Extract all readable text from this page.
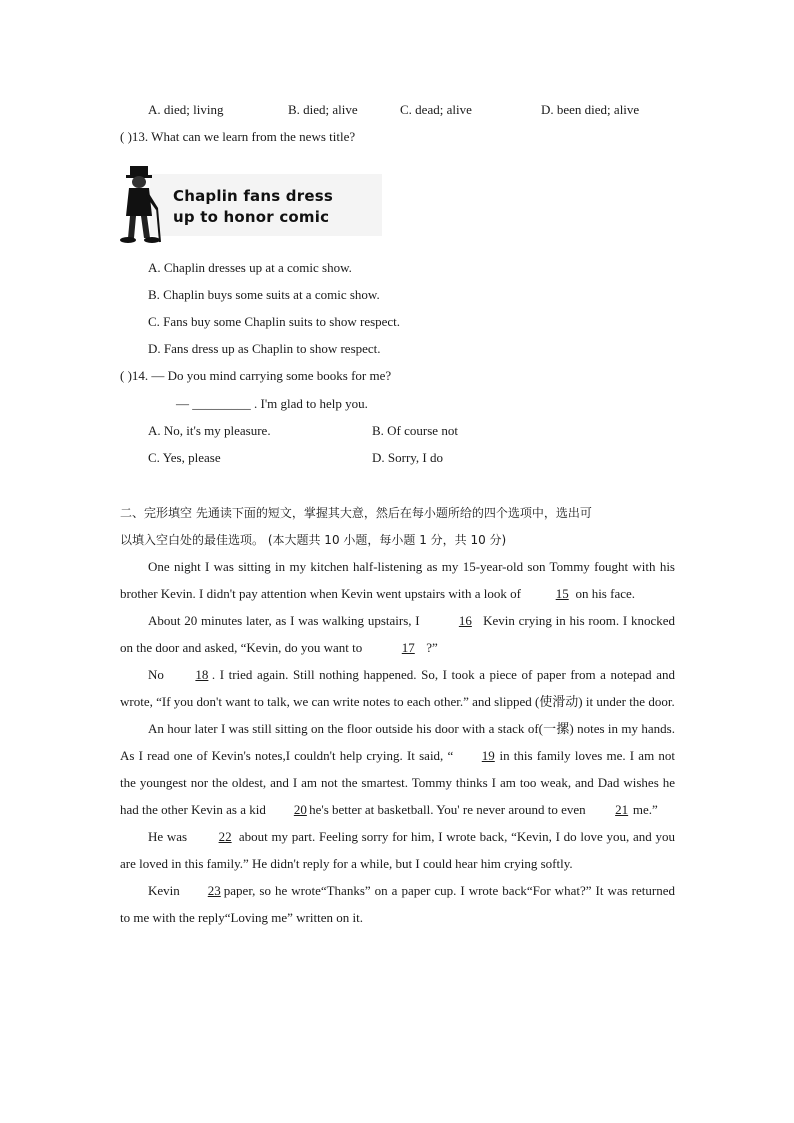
A. died; living	B. died; alive	C. dead; alive	D. been died; alive
( )13. What can we learn from the news title?
Chaplin fans dress
up to honor comic
A. Chaplin dresses up at a comic show.
B. Chaplin buys some suits at a comic show.
C. Fans buy some Chaplin suits to show respect.
D. Fans dress up as Chaplin to show respect.
( )14. — Do you mind carrying some books for me?
— _________ . I'm glad to help you.
A. No, it's my pleasure.	B. Of course not
C. Yes, please	D. Sorry, I do
二、完形填空 先通读下面的短文，掌握其大意，然后在每小题所给的四个选项中，选出可
以填入空白处的最佳选项。 (本大题共 10 小题，每小题 1 分，共 10 分)

One night I was sitting in my kitchen half-listening as my 15-year-old son Tommy fought with his brother Kevin. I didn't pay attention when Kevin went upstairs with a look of 15 on his face.

About 20 minutes later, as I was walking upstairs, I	16 Kevin crying in his room. I knocked on the door and asked, “Kevin, do you want to	17 ?”

No 18 . I tried again. Still nothing happened. So, I took a piece of paper from a notepad and wrote, “If you don't want to talk, we can write notes to each other.” and slipped (使滑动) it under the door.

An hour later I was still sitting on the floor outside his door with a stack of(一摞) notes in my hands. As I read one of Kevin's notes,I couldn't help crying. It said, “ 19 in this family loves me. I am not the youngest nor the oldest, and I am not the smartest. Tommy thinks I am too weak, and Dad wishes he had the other Kevin as a kid 20 he's better at basketball. You' re never around to even 21 me.”

He was 22 about my part. Feeling sorry for him, I wrote back, “Kevin, I do love you, and you are loved in this family.” He didn't reply for a while, but I could hear him crying softly.

Kevin 23 paper, so he wrote“Thanks” on a paper cup. I wrote back“For what?” It was returned to me with the reply“Loving me” written on it.
